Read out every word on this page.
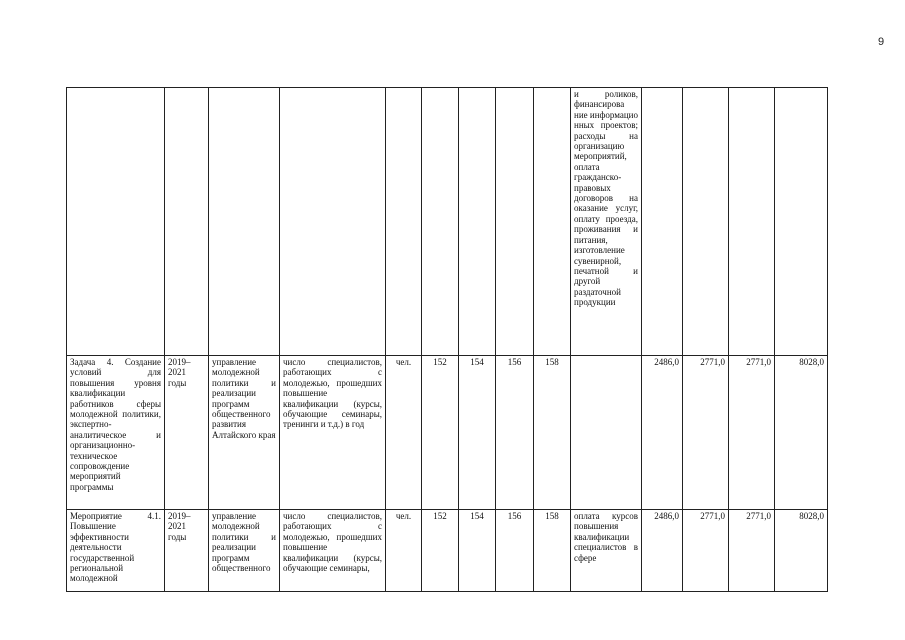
9
									и роликов, финансирова ние информацио нных проектов; расходы на организацию мероприятий, оплата гражданско-правовых договоров на оказание услуг, оплату проезда, проживания и питания, изготовление сувенирной, печатной и другой раздаточной продукции				
Задача 4. Создание условий для повышения уровня квалификации работников сферы молодежной политики, экспертно-аналитическое и организационно-техническое сопровождение мероприятий программы	2019–2021 годы	управление молодежной политики и реализации программ общественного развития Алтайского края	число специалистов, работающих с молодежью, прошедших повышение квалификации (курсы, обучающие семинары, тренинги и т.д.) в год	чел.	152	154	156	158		2486,0	2771,0	2771,0	8028,0
Мероприятие 4.1. Повышение эффективности деятельности государственной региональной молодежной	2019–2021 годы	управление молодежной политики и реализации программ общественного	число специалистов, работающих с молодежью, прошедших повышение квалификации (курсы, обучающие семинары,	чел.	152	154	156	158	оплата курсов повышения квалификации специалистов в сфере	2486,0	2771,0	2771,0	8028,0
